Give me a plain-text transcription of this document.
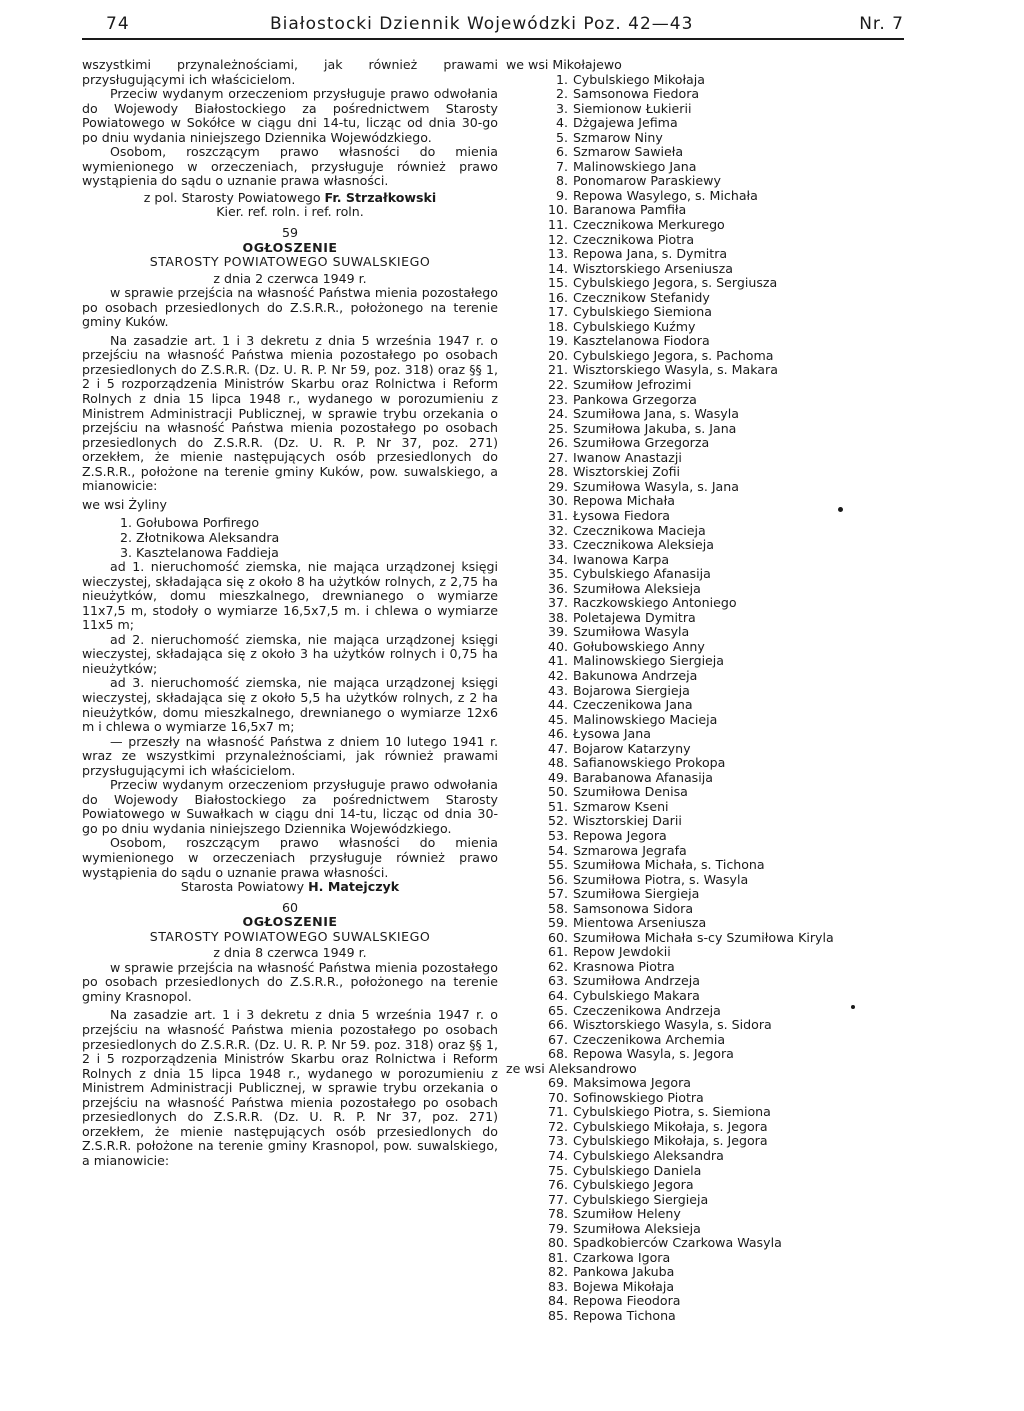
74	Białostocki Dziennik Wojewódzki Poz. 42—43	Nr. 7

wszystkimi przynależnościami, jak również prawami przysługującymi ich właścicielom.

Przeciw wydanym orzeczeniom przysługuje prawo odwołania do Wojewody Białostockiego za pośrednictwem Starosty Powiatowego w Sokółce w ciągu dni 14-tu, licząc od dnia 30-go po dniu wydania niniejszego Dziennika Wojewódzkiego.

Osobom, roszczącym prawo własności do mienia wymienionego w orzeczeniach, przysługuje również prawo wystąpienia do sądu o uznanie prawa własności.

z pol. Starosty Powiatowego Fr. Strzałkowski

Kier. ref. roln. i ref. roln.

59

OGŁOSZENIE

STAROSTY POWIATOWEGO SUWALSKIEGO

z dnia 2 czerwca 1949 r.

w sprawie przejścia na własność Państwa mienia pozostałego po osobach przesiedlonych do Z.S.R.R., położonego na terenie gminy Kuków.

Na zasadzie art. 1 i 3 dekretu z dnia 5 września 1947 r. o przejściu na własność Państwa mienia pozostałego po osobach przesiedlonych do Z.S.R.R. (Dz. U. R. P. Nr 59, poz. 318) oraz §§ 1, 2 i 5 rozporządzenia Ministrów Skarbu oraz Rolnictwa i Reform Rolnych z dnia 15 lipca 1948 r., wydanego w porozumieniu z Ministrem Administracji Publicznej, w sprawie trybu orzekania o przejściu na własność Państwa mienia pozostałego po osobach przesiedlonych do Z.S.R.R. (Dz. U. R. P. Nr 37, poz. 271) orzekłem, że mienie następujących osób przesiedlonych do Z.S.R.R., położone na terenie gminy Kuków, pow. suwalskiego, a mianowicie:

we wsi Żyliny

1. Gołubowa Porfirego

2. Złotnikowa Aleksandra

3. Kasztelanowa Faddieja

ad 1. nieruchomość ziemska, nie mająca urządzonej księgi wieczystej, składająca się z około 8 ha użytków rolnych, z 2,75 ha nieużytków, domu mieszkalnego, drewnianego o wymiarze 11x7,5 m, stodoły o wymiarze 16,5x7,5 m. i chlewa o wymiarze 11x5 m;

ad 2. nieruchomość ziemska, nie mająca urządzonej księgi wieczystej, składająca się z około 3 ha użytków rolnych i 0,75 ha nieużytków;

ad 3. nieruchomość ziemska, nie mająca urządzonej księgi wieczystej, składająca się z około 5,5 ha użytków rolnych, z 2 ha nieużytków, domu mieszkalnego, drewnianego o wymiarze 12x6 m i chlewa o wymiarze 16,5x7 m;

— przeszły na własność Państwa z dniem 10 lutego 1941 r. wraz ze wszystkimi przynależnościami, jak również prawami przysługującymi ich właścicielom.

Przeciw wydanym orzeczeniom przysługuje prawo odwołania do Wojewody Białostockiego za pośrednictwem Starosty Powiatowego w Suwałkach w ciągu dni 14-tu, licząc od dnia 30-go po dniu wydania niniejszego Dziennika Wojewódzkiego.

Osobom, roszczącym prawo własności do mienia wymienionego w orzeczeniach przysługuje również prawo wystąpienia do sądu o uznanie prawa własności.

Starosta Powiatowy H. Matejczyk

60

OGŁOSZENIE

STAROSTY POWIATOWEGO SUWALSKIEGO

z dnia 8 czerwca 1949 r.

w sprawie przejścia na własność Państwa mienia pozostałego po osobach przesiedlonych do Z.S.R.R., położonego na terenie gminy Krasnopol.

Na zasadzie art. 1 i 3 dekretu z dnia 5 września 1947 r. o przejściu na własność Państwa mienia pozostałego po osobach przesiedlonych do Z.S.R.R. (Dz. U. R. P. Nr 59. poz. 318) oraz §§ 1, 2 i 5 rozporządzenia Ministrów Skarbu oraz Rolnictwa i Reform Rolnych z dnia 15 lipca 1948 r., wydanego w porozumieniu z Ministrem Administracji Publicznej, w sprawie trybu orzekania o przejściu na własność Państwa mienia pozostałego po osobach przesiedlonych do Z.S.R.R. (Dz. U. R. P. Nr 37, poz. 271) orzekłem, że mienie następujących osób przesiedlonych do Z.S.R.R. położone na terenie gminy Krasnopol, pow. suwalskiego, a mianowicie:

we wsi Mikołajewo

1. Cybulskiego Mikołaja

2. Samsonowa Fiedora

3. Siemionow Łukierii

4. Dżgajewa Jefima

5. Szmarow Niny

6. Szmarow Sawieła

7. Malinowskiego Jana

8. Ponomarow Paraskiewy

9. Repowa Wasylego, s. Michała

10. Baranowa Pamfiła

11. Czecznikowa Merkurego

12. Czecznikowa Piotra

13. Repowa Jana, s. Dymitra

14. Wisztorskiego Arseniusza

15. Cybulskiego Jegora, s. Sergiusza

16. Czecznikow Stefanidy

17. Cybulskiego Siemiona

18. Cybulskiego Kuźmy

19. Kasztelanowa Fiodora

20. Cybulskiego Jegora, s. Pachoma

21. Wisztorskiego Wasyla, s. Makara

22. Szumiłow Jefrozimi

23. Pankowa Grzegorza

24. Szumiłowa Jana, s. Wasyla

25. Szumiłowa Jakuba, s. Jana

26. Szumiłowa Grzegorza

27. Iwanow Anastazji

28. Wisztorskiej Zofii

29. Szumiłowa Wasyla, s. Jana

30. Repowa Michała

31. Łysowa Fiedora

32. Czecznikowa Macieja

33. Czecznikowa Aleksieja

34. Iwanowa Karpa

35. Cybulskiego Afanasija

36. Szumiłowa Aleksieja

37. Raczkowskiego Antoniego

38. Poletajewa Dymitra

39. Szumiłowa Wasyla

40. Gołubowskiego Anny

41. Malinowskiego Siergieja

42. Bakunowa Andrzeja

43. Bojarowa Siergieja

44. Czeczenikowa Jana

45. Malinowskiego Macieja

46. Łysowa Jana

47. Bojarow Katarzyny

48. Safianowskiego Prokopa

49. Barabanowa Afanasija

50. Szumiłowa Denisa

51. Szmarow Kseni

52. Wisztorskiej Darii

53. Repowa Jegora

54. Szmarowa Jegrafa

55. Szumiłowa Michała, s. Tichona

56. Szumiłowa Piotra, s. Wasyla

57. Szumiłowa Siergieja

58. Samsonowa Sidora

59. Mientowa Arseniusza

60. Szumiłowa Michała s-cy Szumiłowa Kiryla

61. Repow Jewdokii

62. Krasnowa Piotra

63. Szumiłowa Andrzeja

64. Cybulskiego Makara

65. Czeczenikowa Andrzeja

66. Wisztorskiego Wasyla, s. Sidora

67. Czeczenikowa Archemia

68. Repowa Wasyla, s. Jegora

ze wsi Aleksandrowo

69. Maksimowa Jegora

70. Sofinowskiego Piotra

71. Cybulskiego Piotra, s. Siemiona

72. Cybulskiego Mikołaja, s. Jegora

73. Cybulskiego Mikołaja, s. Jegora

74. Cybulskiego Aleksandra

75. Cybulskiego Daniela

76. Cybulskiego Jegora

77. Cybulskiego Siergieja

78. Szumiłow Heleny

79. Szumiłowa Aleksieja

80. Spadkobierców Czarkowa Wasyla

81. Czarkowa Igora

82. Pankowa Jakuba

83. Bojewa Mikołaja

84. Repowa Fieodora

85. Repowa Tichona
